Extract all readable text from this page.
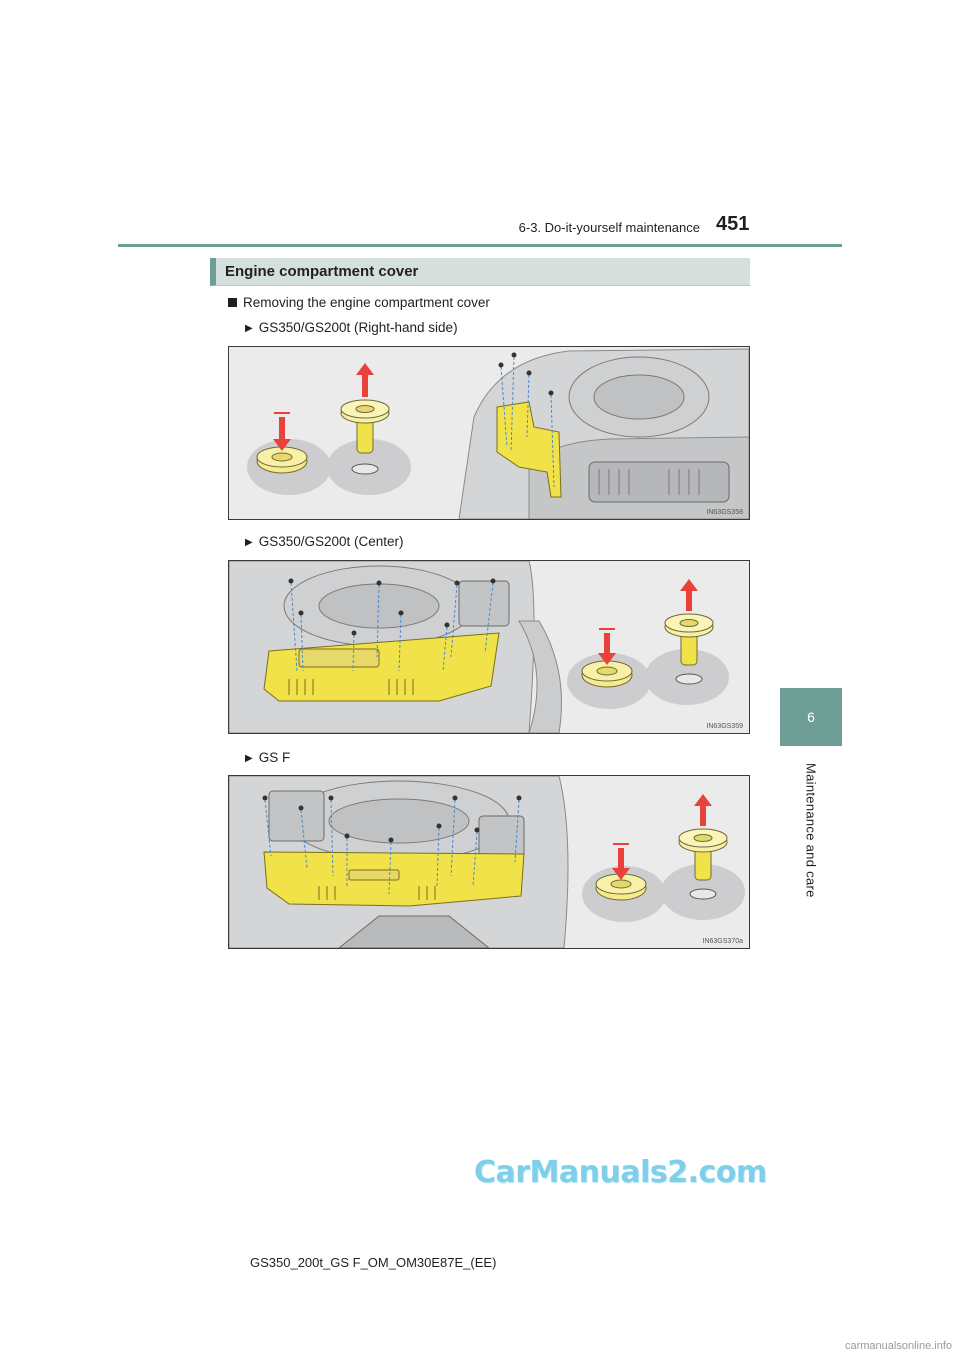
6-3. Do-it-yourself maintenance 451
6
Maintenance and care
Engine compartment cover
Removing the engine compartment cover
▶ GS350/GS200t (Right-hand side)
IN63GS358
▶ GS350/GS200t (Center)
IN63GS359
▶ GS F
IN63GS370a
CarManuals2.com
GS350_200t_GS F_OM_OM30E87E_(EE)
carmanualsonline.info
